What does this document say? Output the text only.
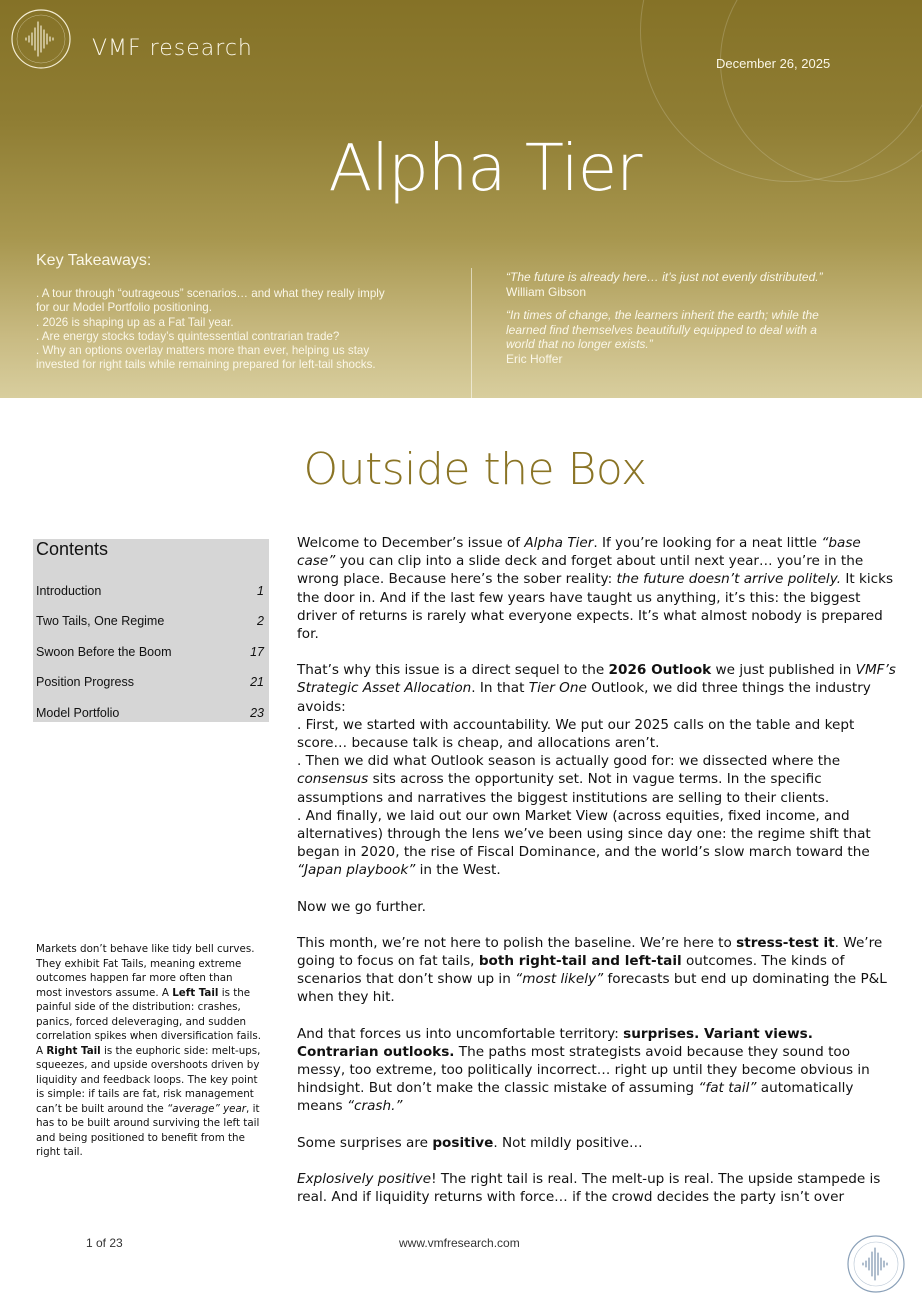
VMF research
December 26, 2025
Alpha Tier
Key Takeaways:
. A tour through “outrageous” scenarios… and what they really imply for our Model Portfolio positioning.
. 2026 is shaping up as a Fat Tail year.
. Are energy stocks today’s quintessential contrarian trade?
. Why an options overlay matters more than ever, helping us stay invested for right tails while remaining prepared for left-tail shocks.
“The future is already here… it’s just not evenly distributed.”
William Gibson
“In times of change, the learners inherit the earth; while the learned find themselves beautifully equipped to deal with a world that no longer exists.”
Eric Hoffer
Outside the Box
Contents
Introduction	1
Two Tails, One Regime	2
Swoon Before the Boom	17
Position Progress	21
Model Portfolio	23
Markets don’t behave like tidy bell curves. They exhibit Fat Tails, meaning extreme outcomes happen far more often than most investors assume. A Left Tail is the painful side of the distribution: crashes, panics, forced deleveraging, and sudden correlation spikes when diversification fails. A Right Tail is the euphoric side: melt-ups, squeezes, and upside overshoots driven by liquidity and feedback loops. The key point is simple: if tails are fat, risk management can’t be built around the “average” year, it has to be built around surviving the left tail and being positioned to benefit from the right tail.

Welcome to December’s issue of Alpha Tier. If you’re looking for a neat little “base case” you can clip into a slide deck and forget about until next year… you’re in the wrong place. Because here’s the sober reality: the future doesn’t arrive politely. It kicks the door in. And if the last few years have taught us anything, it’s this: the biggest driver of returns is rarely what everyone expects. It’s what almost nobody is prepared for.

That’s why this issue is a direct sequel to the 2026 Outlook we just published in VMF’s Strategic Asset Allocation. In that Tier One Outlook, we did three things the industry avoids:

. First, we started with accountability. We put our 2025 calls on the table and kept score… because talk is cheap, and allocations aren’t.

. Then we did what Outlook season is actually good for: we dissected where the consensus sits across the opportunity set. Not in vague terms. In the specific assumptions and narratives the biggest institutions are selling to their clients.

. And finally, we laid out our own Market View (across equities, fixed income, and alternatives) through the lens we’ve been using since day one: the regime shift that began in 2020, the rise of Fiscal Dominance, and the world’s slow march toward the “Japan playbook” in the West.

Now we go further.

This month, we’re not here to polish the baseline. We’re here to stress-test it. We’re going to focus on fat tails, both right-tail and left-tail outcomes. The kinds of scenarios that don’t show up in “most likely” forecasts but end up dominating the P&L when they hit.

And that forces us into uncomfortable territory: surprises. Variant views. Contrarian outlooks. The paths most strategists avoid because they sound too messy, too extreme, too politically incorrect… right up until they become obvious in hindsight. But don’t make the classic mistake of assuming “fat tail” automatically means “crash.”

Some surprises are positive. Not mildly positive…

Explosively positive! The right tail is real. The melt-up is real. The upside stampede is real. And if liquidity returns with force… if the crowd decides the party isn’t over

1 of 23	www.vmfresearch.com
